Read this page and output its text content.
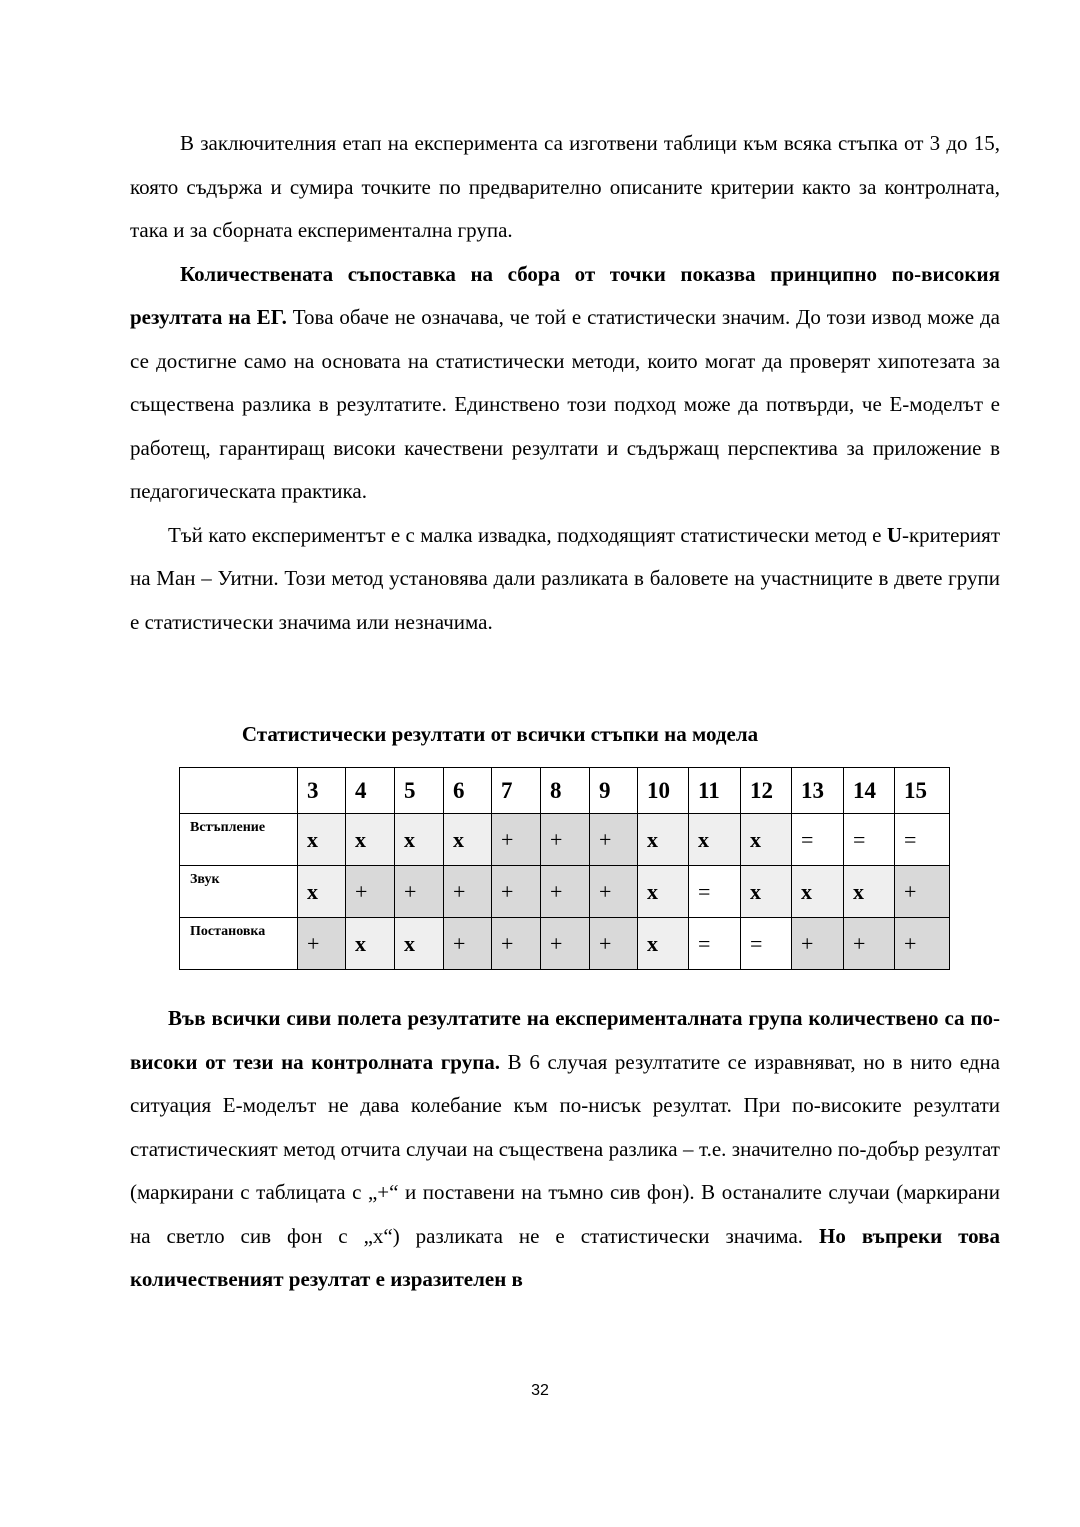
В заключителния етап на експеримента са изготвени таблици към всяка стъпка от 3 до 15, която съдържа и сумира точките по предварително описаните критерии както за контролната, така и за сборната експериментална група.

Количествената съпоставка на сбора от точки показва принципно по-високия резултата на ЕГ. Това обаче не означава, че той е статистически значим. До този извод може да се достигне само на основата на статистически методи, които могат да проверят хипотезата за съществена разлика в резултатите. Единствено този подход може да потвърди, че Е-моделът е работещ, гарантиращ високи качествени резултати и съдържащ перспектива за приложение в педагогическата практика.

Тъй като експериментът е с малка извадка, подходящият статистически метод е U-критерият на Ман – Уитни. Този метод установява дали разликата в баловете на участниците в двете групи е статистически значима или незначима.

Статистически резултати от всички стъпки на модела
	3	4	5	6	7	8	9	10	11	12	13	14	15
Встъпление	x	x	x	x	+	+	+	x	x	x	=	=	=
Звук	x	+	+	+	+	+	+	x	=	x	x	x	+
Постановка	+	x	x	+	+	+	+	x	=	=	+	+	+

Във всички сиви полета резултатите на експерименталната група количествено са по-високи от тези на контролната група. В 6 случая резултатите се изравняват, но в нито една ситуация Е-моделът не дава колебание към по-нисък резултат. При по-високите резултати статистическият метод отчита случаи на съществена разлика – т.е. значително по-добър резултат (маркирани с таблицата с „+“ и поставени на тъмно сив фон). В останалите случаи (маркирани на светло сив фон с „х“) разликата не е статистически значима. Но въпреки това количественият резултат е изразителен в

32
